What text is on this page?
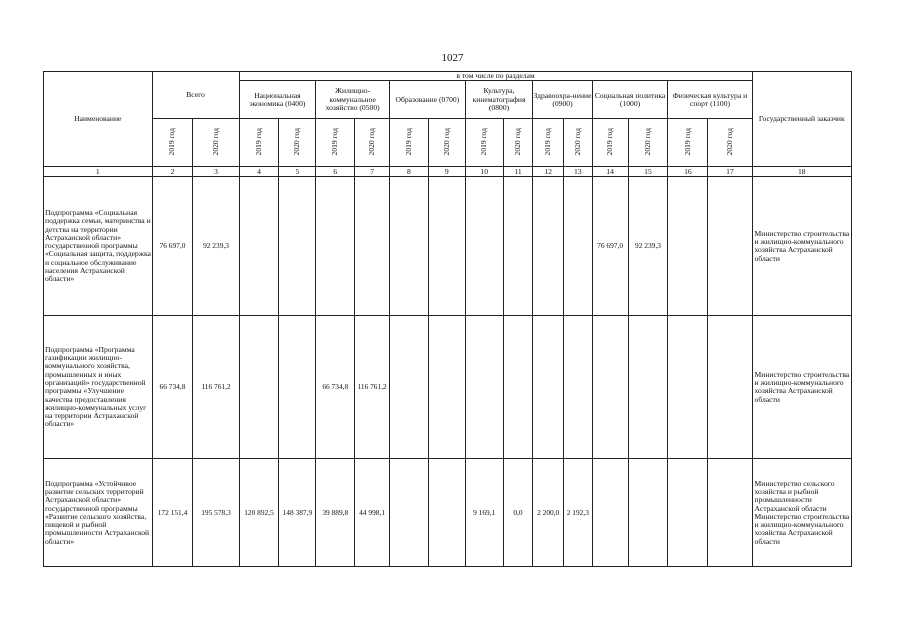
1027
Наименование	Всего		в том числе по разделам														Государственный заказчик
			Национальная экономика (0400)		Жилищно-коммунальное хозяйство (0500)		Образование (0700)		Культура, кинематография (0800)		Здравоохра-нение (0900)		Социальная политика (1000)		Физическая культура и спорт (1100)		
	2019 год	2020 год	2019 год	2020 год	2019 год	2020 год	2019 год	2020 год	2019 год	2020 год	2019 год	2020 год	2019 год	2020 год	2019 год	2020 год	
1	2	3	4	5	6	7	8	9	10	11	12	13	14	15	16	17	18
Подпрограмма «Социальная поддержка семьи, материнства и детства на территории Астраханской области» государственной программы «Социальная защита, поддержка и социальное обслуживание населения Астраханской области»	76 697,0	92 239,3											76 697,0	92 239,3			Министерство строительства и жилищно-коммунального хозяйства Астраханской области
Подпрограмма «Программа газификации жилищно-коммунального хозяйства, промышленных и иных организаций» государственной программы «Улучшение качества предоставления жилищно-коммунальных услуг на территории Астраханской области»	66 734,8	116 761,2			66 734,8	116 761,2											Министерство строительства и жилищно-коммунального хозяйства Астраханской области
Подпрограмма «Устойчивое развитие сельских территорий Астраханской области» государственной программы «Развитие сельского хозяйства, пищевой и рыбной промышленности Астраханской области»	172 151,4	195 578,3	120 892,5	148 387,9	39 889,8	44 998,1			9 169,1	0,0	2 200,0	2 192,3					Министерство сельского хозяйства и рыбной промышленности Астраханской области Министерство строительства и жилищно-коммунального хозяйства Астраханской области
